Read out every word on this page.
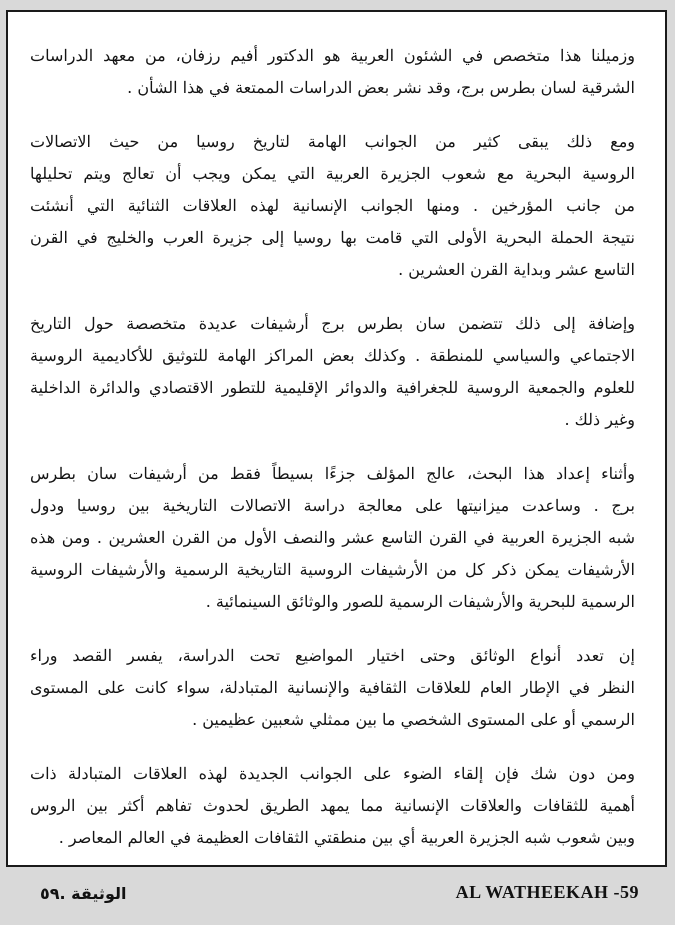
وزميلنا هذا متخصص في الشئون العربية هو الدكتور أفيم رزفان، من معهد الدراسات
الشرقية لسان بطرس برج، وقد نشر بعض الدراسات الممتعة في هذا الشأن .

ومع ذلك يبقى كثير من الجوانب الهامة لتاريخ روسيا من حيث الاتصالات
الروسية البحرية مع شعوب الجزيرة العربية التي يمكن ويجب أن تعالج ويتم تحليلها
من جانب المؤرخين . ومنها الجوانب الإنسانية لهذه العلاقات الثنائية التي أنشئت
نتيجة الحملة البحرية الأولى التي قامت بها روسيا إلى جزيرة العرب والخليج في القرن
التاسع عشر وبداية القرن العشرين .

وإضافة إلى ذلك تتضمن سان بطرس برج أرشيفات عديدة متخصصة حول التاريخ
الاجتماعي والسياسي للمنطقة . وكذلك بعض المراكز الهامة للتوثيق للأكاديمية الروسية
للعلوم والجمعية الروسية للجغرافية والدوائر الإقليمية للتطور الاقتصادي والدائرة الداخلية
وغير ذلك .

وأثناء إعداد هذا البحث، عالج المؤلف جزءًا بسيطاً فقط من أرشيفات سان بطرس
برج . وساعدت ميزانيتها على معالجة دراسة الاتصالات التاريخية بين روسيا ودول
شبه الجزيرة العربية في القرن التاسع عشر والنصف الأول من القرن العشرين . ومن هذه
الأرشيفات يمكن ذكر كل من الأرشيفات الروسية التاريخية الرسمية والأرشيفات الروسية
الرسمية للبحرية والأرشيفات الرسمية للصور والوثائق السينمائية .

إن تعدد أنواع الوثائق وحتى اختيار المواضيع تحت الدراسة، يفسر القصد وراء
النظر في الإطار العام للعلاقات الثقافية والإنسانية المتبادلة، سواء كانت على المستوى
الرسمي أو على المستوى الشخصي ما بين ممثلي شعبين عظيمين .

ومن دون شك فإن إلقاء الضوء على الجوانب الجديدة لهذه العلاقات المتبادلة ذات
أهمية للثقافات والعلاقات الإنسانية مما يمهد الطريق لحدوث تفاهم أكثر بين الروس
وبين شعوب شبه الجزيرة العربية أي بين منطقتي الثقافات العظيمة في العالم المعاصر .

الوثيقة .٥٩	AL WATHEEKAH -59
